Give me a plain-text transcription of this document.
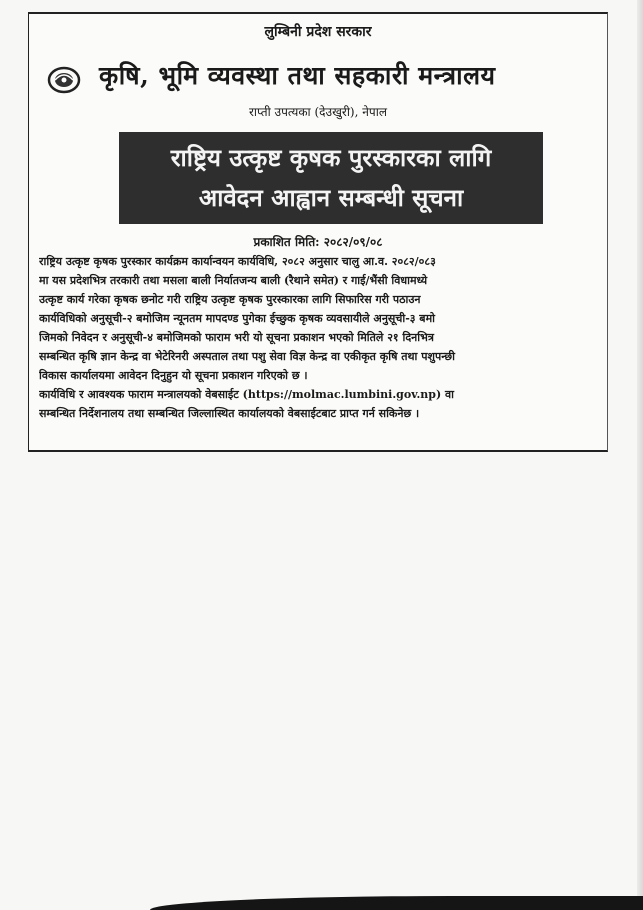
लुम्बिनी प्रदेश सरकार
कृषि, भूमि व्यवस्था तथा सहकारी मन्त्रालय
राप्ती उपत्यका (देउखुरी), नेपाल
राष्ट्रिय उत्कृष्ट कृषक पुरस्कारका लागि
आवेदन आह्वान सम्बन्धी सूचना
प्रकाशित मिति: २०८२/०९/०८
राष्ट्रिय उत्कृष्ट कृषक पुरस्कार कार्यक्रम कार्यान्वयन कार्यविधि, २०८२ अनुसार चालु आ.व. २०८२/०८३
मा यस प्रदेशभित्र तरकारी तथा मसला बाली निर्यातजन्य बाली (रैथाने समेत) र गाई/भैंसी विधामध्ये
उत्कृष्ट कार्य गरेका कृषक छनोट गरी राष्ट्रिय उत्कृष्ट कृषक पुरस्कारका लागि सिफारिस गरी पठाउन
कार्यविधिको अनुसूची-२ बमोजिम न्यूनतम मापदण्ड पुगेका ईच्छुक कृषक व्यवसायीले अनुसूची-३ बमो
जिमको निवेदन र अनुसूची-४ बमोजिमको फाराम भरी यो सूचना प्रकाशन भएको मितिले २१ दिनभित्र
सम्बन्धित कृषि ज्ञान केन्द्र वा भेटेरिनरी अस्पताल तथा पशु सेवा विज्ञ केन्द्र वा एकीकृत कृषि तथा पशुपन्छी
विकास कार्यालयमा आवेदन दिनुहुन यो सूचना प्रकाशन गरिएको छ ।
कार्यविधि र आवश्यक फाराम मन्त्रालयको वेबसाईट (https://molmac.lumbini.gov.np) वा
सम्बन्धित निर्देशनालय तथा सम्बन्धित जिल्लास्थित कार्यालयको वेबसाईटबाट प्राप्त गर्न सकिनेछ ।
